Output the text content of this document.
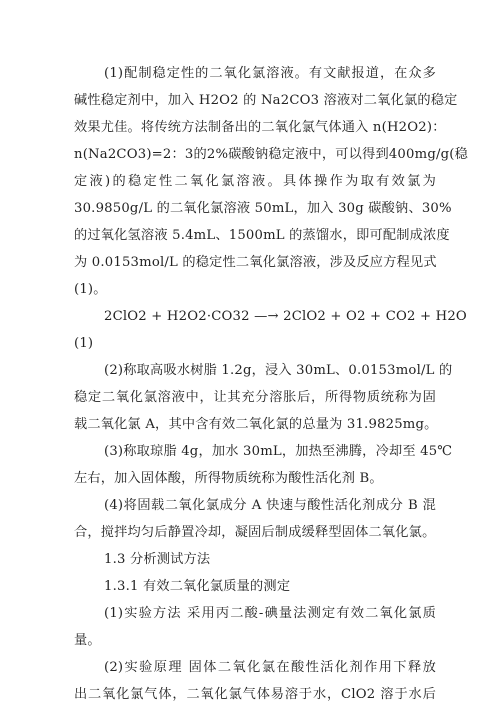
(1)配制稳定性的二氧化氯溶液。有文献报道，在众多
碱性稳定剂中，加入 H2O2 的 Na2CO3 溶液对二氧化氯的稳定
效果尤佳。将传统方法制备出的二氧化氯气体通入 n(H2O2)：
n(Na2CO3)=2：3的2%碳酸钠稳定液中，可以得到400mg/g(稳
定液)的稳定性二氧化氯溶液。具体操作为取有效氯为
30.9850g/L 的二氧化氯溶液 50mL，加入 30g 碳酸钠、30%
的过氧化氢溶液 5.4mL、1500mL 的蒸馏水，即可配制成浓度
为 0.0153mol/L 的稳定性二氧化氯溶液，涉及反应方程见式
(1)。
2ClO2 + H2O2·CO32 —→ 2ClO2 + O2 + CO2 + H2O
(1)
(2)称取高吸水树脂 1.2g，浸入 30mL、0.0153mol/L 的
稳定二氧化氯溶液中，让其充分溶胀后，所得物质统称为固
载二氧化氯 A，其中含有效二氧化氯的总量为 31.9825mg。
(3)称取琼脂 4g，加水 30mL，加热至沸腾，冷却至 45℃
左右，加入固体酸，所得物质统称为酸性活化剂 B。
(4)将固载二氧化氯成分 A 快速与酸性活化剂成分 B 混
合，搅拌均匀后静置冷却，凝固后制成缓释型固体二氧化氯。
1.3 分析测试方法
1.3.1 有效二氧化氯质量的测定
(1)实验方法 采用丙二酸-碘量法测定有效二氧化氯质
量。
(2)实验原理 固体二氧化氯在酸性活化剂作用下释放
出二氧化氯气体，二氧化氯气体易溶于水，ClO2 溶于水后
